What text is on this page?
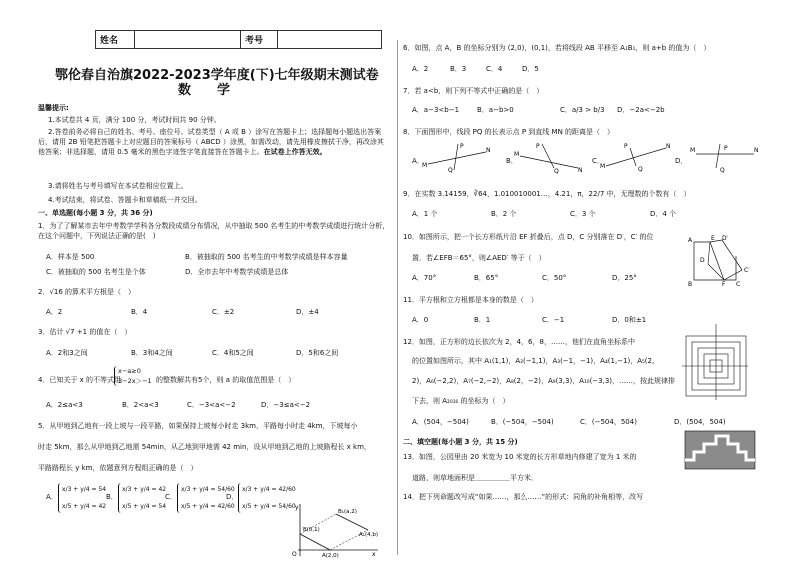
姓名		考号	
鄂伦春自治旗2022-2023学年度(下)七年级期末测试卷
数　　学
温馨提示:
1.本试卷共 4 页，满分 100 分，考试时间共 90 分钟。
2.答卷前务必将自己的姓名、考号、座位号、试卷类型（ A 或 B ）涂写在答题卡上；选择题每小题选出答案后，请用 2B 铅笔把答题卡上对应题目的答案标号（ ABCD ）涂黑，如需改动，请先用橡皮擦拭干净，再改涂其他答案；非选择题，请用 0.5 毫米的黑色字迹签字笔直接答在答题卡上。在试卷上作答无效。
3.请将姓名与考号填写在本试卷相应位置上。
4.考试结束，将试卷、答题卡和草稿纸一并交回。
一、单选题(每小题 3 分，共 36 分)
1．为了了解某市去年中考数学学科各分数段成绩分布情况，从中抽取 500 名考生的中考数学成绩进行统计分析，在这个问题中，下列说法正确的是(　)
A．样本是 500	B．被抽取的 500 名考生的中考数学成绩是样本容量
C．被抽取的 500 名考生是个体	D．全市去年中考数学成绩是总体
2．√16 的算术平方根是（　）
A．2	B．4	C．±2	D．±4
3．估计 √7 +1 的值在（　）
A．2和3之间	B．3和4之间	C．4和5之间	D．5和6之间
4．已知关于 x 的不等式组
x−a≥0
3−2x＞−1 的整数解共有5个，则 a 的取值范围是（　）
A．2≤a<3	B．2<a<3	C．−3<a<−2	D．−3≤a<−2
5．从甲地到乙地有一段上坡与一段平路，如果保持上坡每小时走 3km，平路每小时走 4km，下坡每小
时走 5km，那么从甲地到乙地需 54min，从乙地到甲地需 42 min，设从甲地到乙地的上坡路程长 x km，
平路路程长 y km，依题意列方程组正确的是（　）
A．
x/3 + y/4 = 54
x/5 + y/4 = 42
B．
x/3 + y/4 = 42
x/5 + y/4 = 54
C．
x/3 + y/4 = 54/60
x/5 + y/4 = 42/60
D．
x/3 + y/4 = 42/60
x/5 + y/4 = 54/60 y
x
O	A(2,0)
B(0,1)
A₁(4,b)
B₁(a,2)
6．如图，点 A，B 的坐标分别为 (2,0)，(0,1)，若将线段 AB 平移至 A₁B₁，则 a+b 的值为（　）
A．2	B．3	C．4	D．5
7．若 a<b，则下列不等式中正确的是（　）
A．a−3<b−1	B．a−b>0	C．a/3 > b/3 D．−2a<−2b
8．下面图形中，线段 PQ 的长表示点 P 到直线 MN 的距离是（　）
A．	B．	C．	D．
M
N
P
Q
M
N
P
Q
M
N
P
Q
M	N
P
Q
9．在实数 3.14159，∛64，1.010010001…，4.21，π，22/7 中，无理数的个数有（　）
A．1 个	B．2 个	C．3 个	D．4 个
10．如图所示，把一个长方形纸片沿 EF 折叠后，点 D，C 分别落在 D′，C′ 的位
置．若∠EFB＝65°，则∠AED′ 等于（　）
A．70°	B．65°	C．50°	D．25°
A
B	C
D
E
F
D′
C′
11．平方根和立方根都是本身的数是（　）
A．0	B．1	C．−1	D．0和±1
12．如图，正方形的边长依次为 2，4，6，8，……，他们在直角坐标系中
的位置如图所示，其中 A₁(1,1)，A₂(−1,1)，A₃(−1，−1)，A₄(1,−1)，A₅(2,
2)，A₆(−2,2)，A₇(−2,−2)，A₈(2，−2)，A₉(3,3)，A₁₀(−3,3)，……，按此规律排
下去，则 A₂₀₁₆ 的坐标为（　）
A．(504，−504)	B．(−504，−504)	C．(−504，504)	D．(504，504)
二、填空题(每小题 3 分，共 15 分)
13．如图，公园里由 20 米宽为 10 米宽的长方形草地内修建了宽为 1 米的
道路，则草地面积是＿＿＿＿＿平方米．
14．把下列命题改写成“如果……，那么……”的形式：同角的补角相等，改写
